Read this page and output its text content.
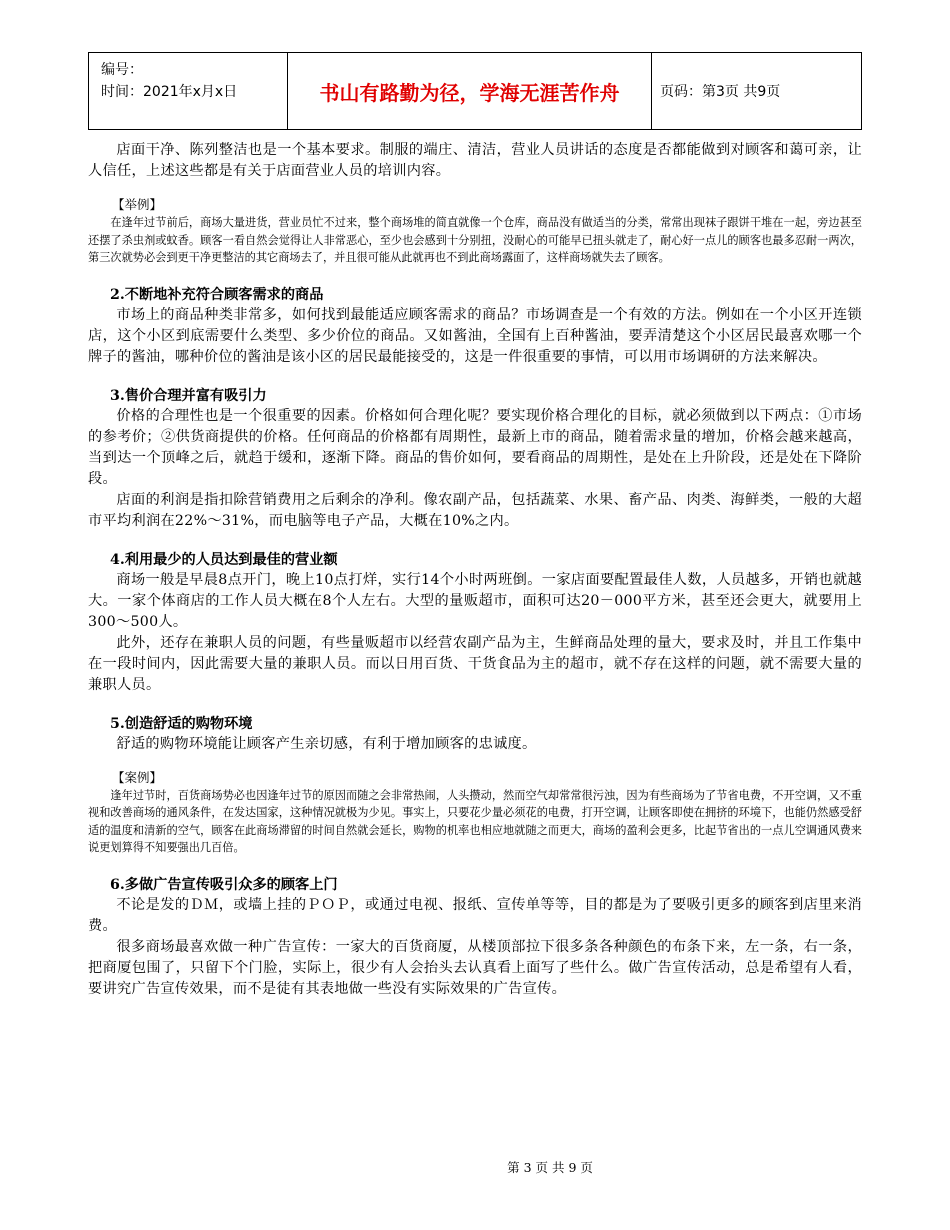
编号：
时间：2021年x月x日	书山有路勤为径，学海无涯苦作舟	页码：第3页 共9页

店面干净、陈列整洁也是一个基本要求。制服的端庄、清洁，营业人员讲话的态度是否都能做到对顾客和蔼可亲，让人信任，上述这些都是有关于店面营业人员的培训内容。

【举例】

在逢年过节前后，商场大量进货，营业员忙不过来，整个商场堆的简直就像一个仓库，商品没有做适当的分类，常常出现袜子跟饼干堆在一起，旁边甚至还摆了杀虫剂或蚊香。顾客一看自然会觉得让人非常恶心，至少也会感到十分别扭，没耐心的可能早已扭头就走了，耐心好一点儿的顾客也最多忍耐一两次，第三次就势必会到更干净更整洁的其它商场去了，并且很可能从此就再也不到此商场露面了，这样商场就失去了顾客。

2.不断地补充符合顾客需求的商品

市场上的商品种类非常多，如何找到最能适应顾客需求的商品？市场调查是一个有效的方法。例如在一个小区开连锁店，这个小区到底需要什么类型、多少价位的商品。又如酱油，全国有上百种酱油，要弄清楚这个小区居民最喜欢哪一个牌子的酱油，哪种价位的酱油是该小区的居民最能接受的，这是一件很重要的事情，可以用市场调研的方法来解决。

3.售价合理并富有吸引力

价格的合理性也是一个很重要的因素。价格如何合理化呢？要实现价格合理化的目标，就必须做到以下两点：①市场的参考价；②供货商提供的价格。任何商品的价格都有周期性，最新上市的商品，随着需求量的增加，价格会越来越高，当到达一个顶峰之后，就趋于缓和，逐渐下降。商品的售价如何，要看商品的周期性，是处在上升阶段，还是处在下降阶段。

店面的利润是指扣除营销费用之后剩余的净利。像农副产品，包括蔬菜、水果、畜产品、肉类、海鲜类，一般的大超市平均利润在22%～31%，而电脑等电子产品，大概在10%之内。

4.利用最少的人员达到最佳的营业额

商场一般是早晨8点开门，晚上10点打烊，实行14个小时两班倒。一家店面要配置最佳人数，人员越多，开销也就越大。一家个体商店的工作人员大概在8个人左右。大型的量贩超市，面积可达20－000平方米，甚至还会更大，就要用上300～500人。

此外，还存在兼职人员的问题，有些量贩超市以经营农副产品为主，生鲜商品处理的量大，要求及时，并且工作集中在一段时间内，因此需要大量的兼职人员。而以日用百货、干货食品为主的超市，就不存在这样的问题，就不需要大量的兼职人员。

5.创造舒适的购物环境

舒适的购物环境能让顾客产生亲切感，有利于增加顾客的忠诚度。

【案例】

逢年过节时，百货商场势必也因逢年过节的原因而随之会非常热闹，人头攒动，然而空气却常常很污浊，因为有些商场为了节省电费，不开空调，又不重视和改善商场的通风条件，在发达国家，这种情况就极为少见。事实上，只要花少量必须花的电费，打开空调，让顾客即使在拥挤的环境下，也能仍然感受舒适的温度和清新的空气，顾客在此商场滞留的时间自然就会延长，购物的机率也相应地就随之而更大，商场的盈利会更多，比起节省出的一点儿空调通风费来说更划算得不知要强出几百倍。

6.多做广告宣传吸引众多的顾客上门

不论是发的ＤＭ，或墙上挂的ＰＯＰ，或通过电视、报纸、宣传单等等，目的都是为了要吸引更多的顾客到店里来消费。

很多商场最喜欢做一种广告宣传：一家大的百货商厦，从楼顶部拉下很多条各种颜色的布条下来，左一条，右一条，把商厦包围了，只留下个门脸，实际上，很少有人会抬头去认真看上面写了些什么。做广告宣传活动，总是希望有人看，要讲究广告宣传效果，而不是徒有其表地做一些没有实际效果的广告宣传。

第 3 页 共 9 页
